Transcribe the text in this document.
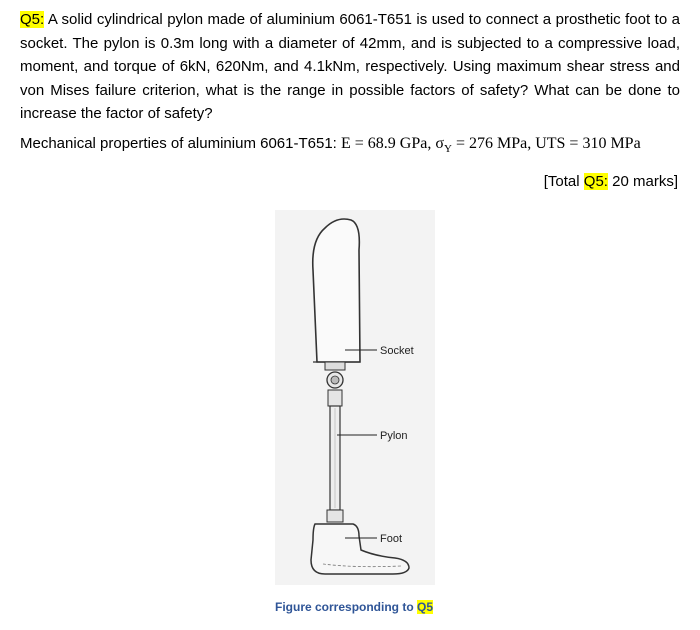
Q5: A solid cylindrical pylon made of aluminium 6061-T651 is used to connect a prosthetic foot to a socket. The pylon is 0.3m long with a diameter of 42mm, and is subjected to a compressive load, moment, and torque of 6kN, 620Nm, and 4.1kNm, respectively. Using maximum shear stress and von Mises failure criterion, what is the range in possible factors of safety? What can be done to increase the factor of safety?
Mechanical properties of aluminium 6061-T651: E = 68.9 GPa, $\sigma_Y = 276$ MPa, UTS = 310 MPa
[Total Q5: 20 marks]
Socket
Pylon
Foot
Figure corresponding to Q5
